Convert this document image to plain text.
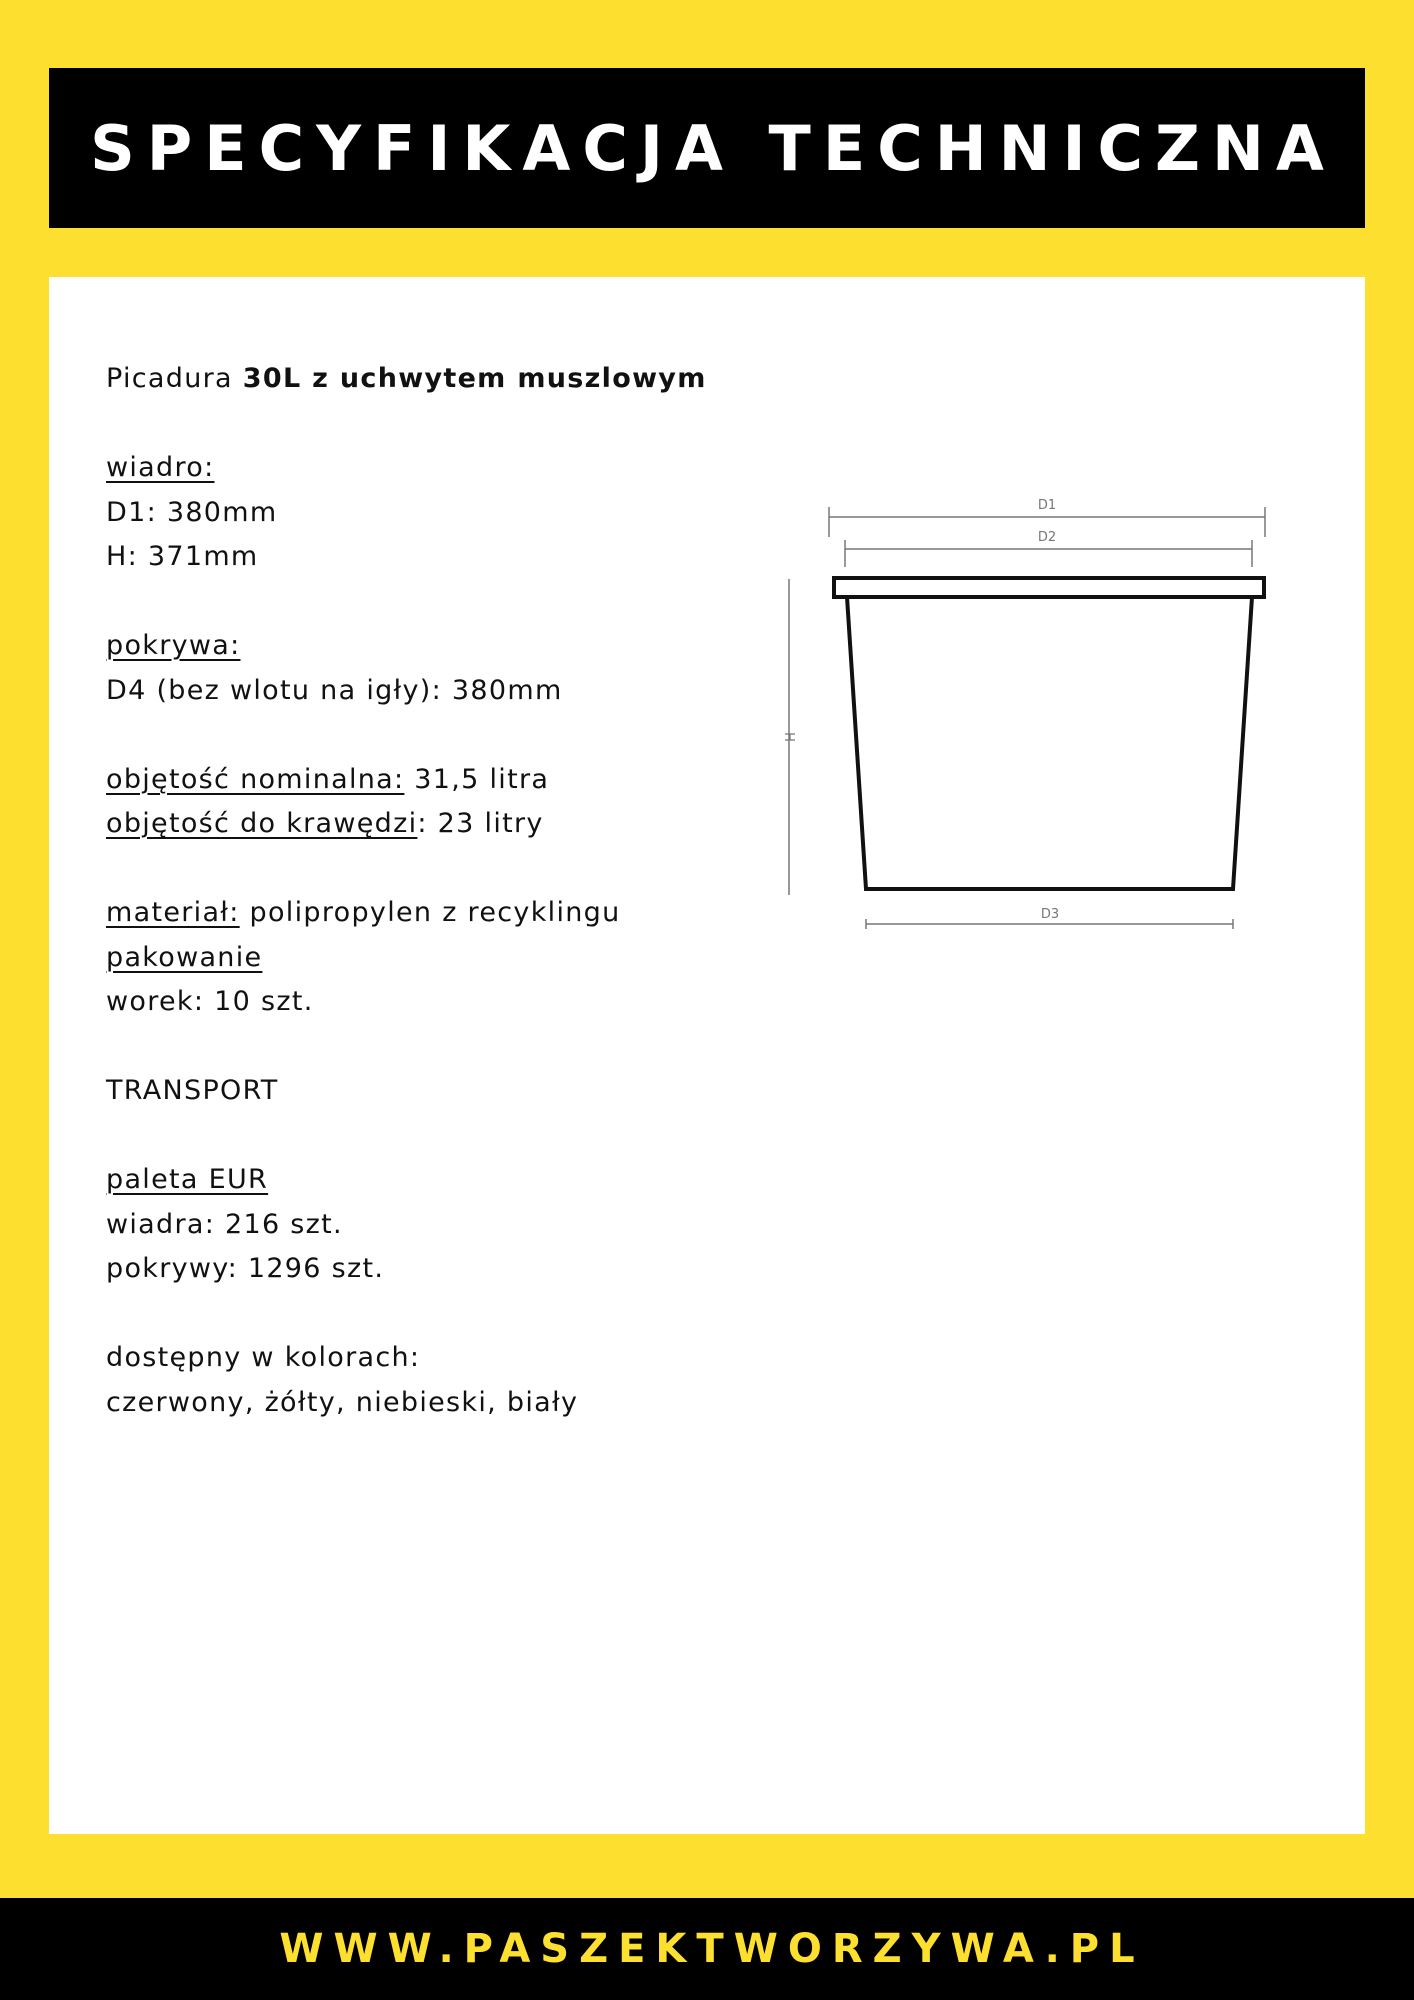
SPECYFIKACJA TECHNICZNA

Picadura 30L z uchwytem muszlowym

wiadro:

D1: 380mm

H: 371mm

pokrywa:

D4 (bez wlotu na igły): 380mm

objętość nominalna: 31,5 litra

objętość do krawędzi: 23 litry

materiał: polipropylen z recyklingu

pakowanie

worek: 10 szt.

TRANSPORT

paleta EUR

wiadra: 216 szt.

pokrywy: 1296 szt.

dostępny w kolorach:

czerwony, żółty, niebieski, biały

D1
D2
H
D3
WWW.PASZEKTWORZYWA.PL
